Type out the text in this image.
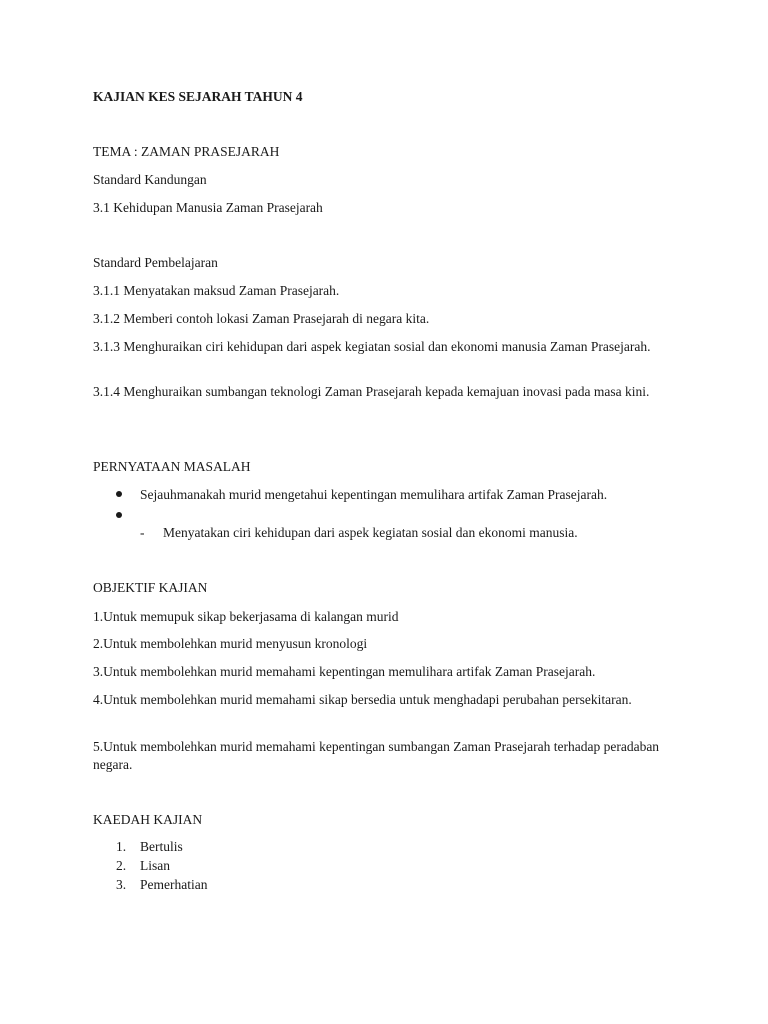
KAJIAN KES SEJARAH TAHUN 4
TEMA : ZAMAN PRASEJARAH
Standard Kandungan
3.1 Kehidupan Manusia Zaman Prasejarah
Standard Pembelajaran
3.1.1 Menyatakan maksud Zaman Prasejarah.
3.1.2 Memberi contoh lokasi Zaman Prasejarah di negara kita.
3.1.3 Menghuraikan ciri kehidupan dari aspek kegiatan sosial dan ekonomi manusia Zaman Prasejarah.
3.1.4 Menghuraikan sumbangan teknologi Zaman Prasejarah kepada kemajuan inovasi pada masa kini.
PERNYATAAN MASALAH
Sejauhmanakah murid mengetahui kepentingan memulihara artifak Zaman Prasejarah.
- Menyatakan ciri kehidupan dari aspek kegiatan sosial dan ekonomi manusia.
OBJEKTIF KAJIAN
1.Untuk memupuk sikap bekerjasama di kalangan murid
2.Untuk membolehkan murid menyusun kronologi
3.Untuk membolehkan murid memahami kepentingan memulihara artifak Zaman Prasejarah.
4.Untuk membolehkan murid memahami sikap bersedia untuk menghadapi perubahan persekitaran.
5.Untuk membolehkan murid memahami kepentingan sumbangan Zaman Prasejarah terhadap peradaban negara.
KAEDAH KAJIAN
1. Bertulis
2. Lisan
3. Pemerhatian
